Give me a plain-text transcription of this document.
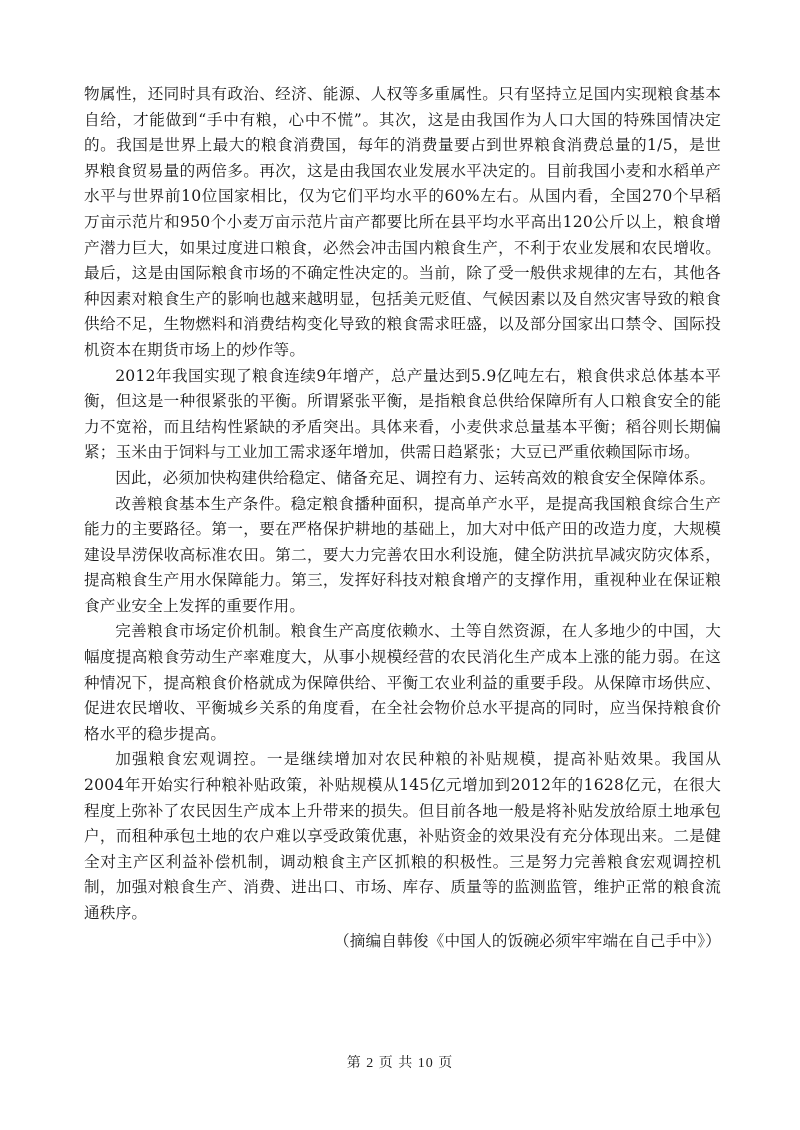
物属性，还同时具有政治、经济、能源、人权等多重属性。只有坚持立足国内实现粮食基本自给，才能做到“手中有粮，心中不慌”。其次，这是由我国作为人口大国的特殊国情决定的。我国是世界上最大的粮食消费国，每年的消费量要占到世界粮食消费总量的1/5，是世界粮食贸易量的两倍多。再次，这是由我国农业发展水平决定的。目前我国小麦和水稻单产水平与世界前10位国家相比，仅为它们平均水平的60%左右。从国内看，全国270个早稻万亩示范片和950个小麦万亩示范片亩产都要比所在县平均水平高出120公斤以上，粮食增产潜力巨大，如果过度进口粮食，必然会冲击国内粮食生产，不利于农业发展和农民增收。最后，这是由国际粮食市场的不确定性决定的。当前，除了受一般供求规律的左右，其他各种因素对粮食生产的影响也越来越明显，包括美元贬值、气候因素以及自然灾害导致的粮食供给不足，生物燃料和消费结构变化导致的粮食需求旺盛，以及部分国家出口禁令、国际投机资本在期货市场上的炒作等。

2012年我国实现了粮食连续9年增产，总产量达到5.9亿吨左右，粮食供求总体基本平衡，但这是一种很紧张的平衡。所谓紧张平衡，是指粮食总供给保障所有人口粮食安全的能力不宽裕，而且结构性紧缺的矛盾突出。具体来看，小麦供求总量基本平衡；稻谷则长期偏紧；玉米由于饲料与工业加工需求逐年增加，供需日趋紧张；大豆已严重依赖国际市场。

因此，必须加快构建供给稳定、储备充足、调控有力、运转高效的粮食安全保障体系。

改善粮食基本生产条件。稳定粮食播种面积，提高单产水平，是提高我国粮食综合生产能力的主要路径。第一，要在严格保护耕地的基础上，加大对中低产田的改造力度，大规模建设旱涝保收高标准农田。第二，要大力完善农田水利设施，健全防洪抗旱减灾防灾体系，提高粮食生产用水保障能力。第三，发挥好科技对粮食增产的支撑作用，重视种业在保证粮食产业安全上发挥的重要作用。

完善粮食市场定价机制。粮食生产高度依赖水、土等自然资源，在人多地少的中国，大幅度提高粮食劳动生产率难度大，从事小规模经营的农民消化生产成本上涨的能力弱。在这种情况下，提高粮食价格就成为保障供给、平衡工农业利益的重要手段。从保障市场供应、促进农民增收、平衡城乡关系的角度看，在全社会物价总水平提高的同时，应当保持粮食价格水平的稳步提高。

加强粮食宏观调控。一是继续增加对农民种粮的补贴规模，提高补贴效果。我国从2004年开始实行种粮补贴政策，补贴规模从145亿元增加到2012年的1628亿元，在很大程度上弥补了农民因生产成本上升带来的损失。但目前各地一般是将补贴发放给原土地承包户，而租种承包土地的农户难以享受政策优惠，补贴资金的效果没有充分体现出来。二是健全对主产区利益补偿机制，调动粮食主产区抓粮的积极性。三是努力完善粮食宏观调控机制，加强对粮食生产、消费、进出口、市场、库存、质量等的监测监管，维护正常的粮食流通秩序。

（摘编自韩俊《中国人的饭碗必须牢牢端在自己手中》）

第 2 页 共 10 页
